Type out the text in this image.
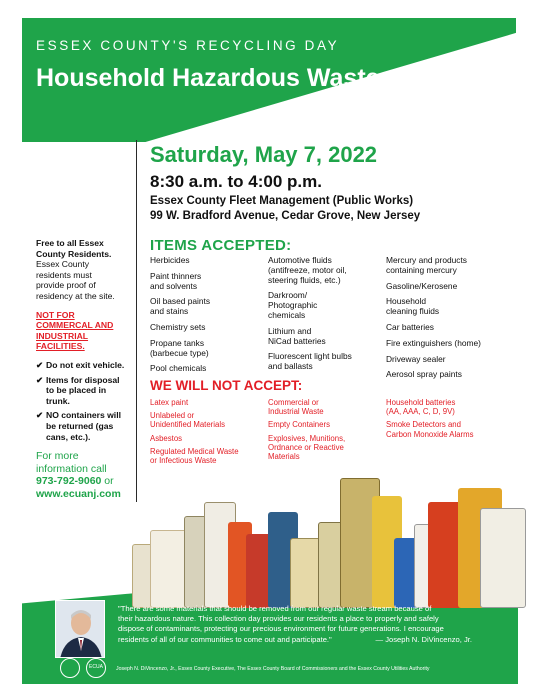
ESSEX COUNTY'S RECYCLING DAY
Household Hazardous Waste
Saturday, May 7, 2022
8:30 a.m. to 4:00 p.m.
Essex County Fleet Management (Public Works)
99 W. Bradford Avenue, Cedar Grove, New Jersey
Free to all Essex
County Residents.
Essex County
residents must
provide proof of
residency at the site.
NOT FOR
COMMERCAL AND
INDUSTRIAL
FACILITIES.
✔ Do not exit vehicle.
✔ Items for disposal
to be placed in
trunk.
✔ NO containers will
be returned (gas
cans, etc.).
For more
information call
973-792-9060 or
www.ecuanj.com
ITEMS ACCEPTED:
Herbicides
Paint thinners
and solvents
Oil based paints
and stains
Chemistry sets
Propane tanks
(barbecue type)
Pool chemicals
Automotive fluids
(antifreeze, motor oil,
steering fluids, etc.)
Darkroom/
Photographic
chemicals
Lithium and
NiCad batteries
Fluorescent light bulbs
and ballasts
Mercury and products
containing mercury
Gasoline/Kerosene
Household
cleaning fluids
Car batteries
Fire extinguishers (home)
Driveway sealer
Aerosol spray paints
WE WILL NOT ACCEPT:
Latex paint
Unlabeled or
Unidentified Materials
Asbestos
Regulated Medical Waste
or Infectious Waste
Commercial or
Industrial Waste
Empty Containers
Explosives, Munitions,
Ordnance or Reactive
Materials
Household batteries
(AA, AAA, C, D, 9V)
Smoke Detectors and
Carbon Monoxide Alarms
"There are some materials that should be removed from our regular waste stream because of
their hazardous nature. This collection day provides our residents a place to properly and safely
dispose of contaminants, protecting our precious environment for future generations. I encourage
residents of all of our communities to come out and participate."	— Joseph N. DiVincenzo, Jr.
ECUA	Joseph N. DiVincenzo, Jr., Essex County Executive, The Essex County Board of Commissioners and the Essex County Utilities Authority
